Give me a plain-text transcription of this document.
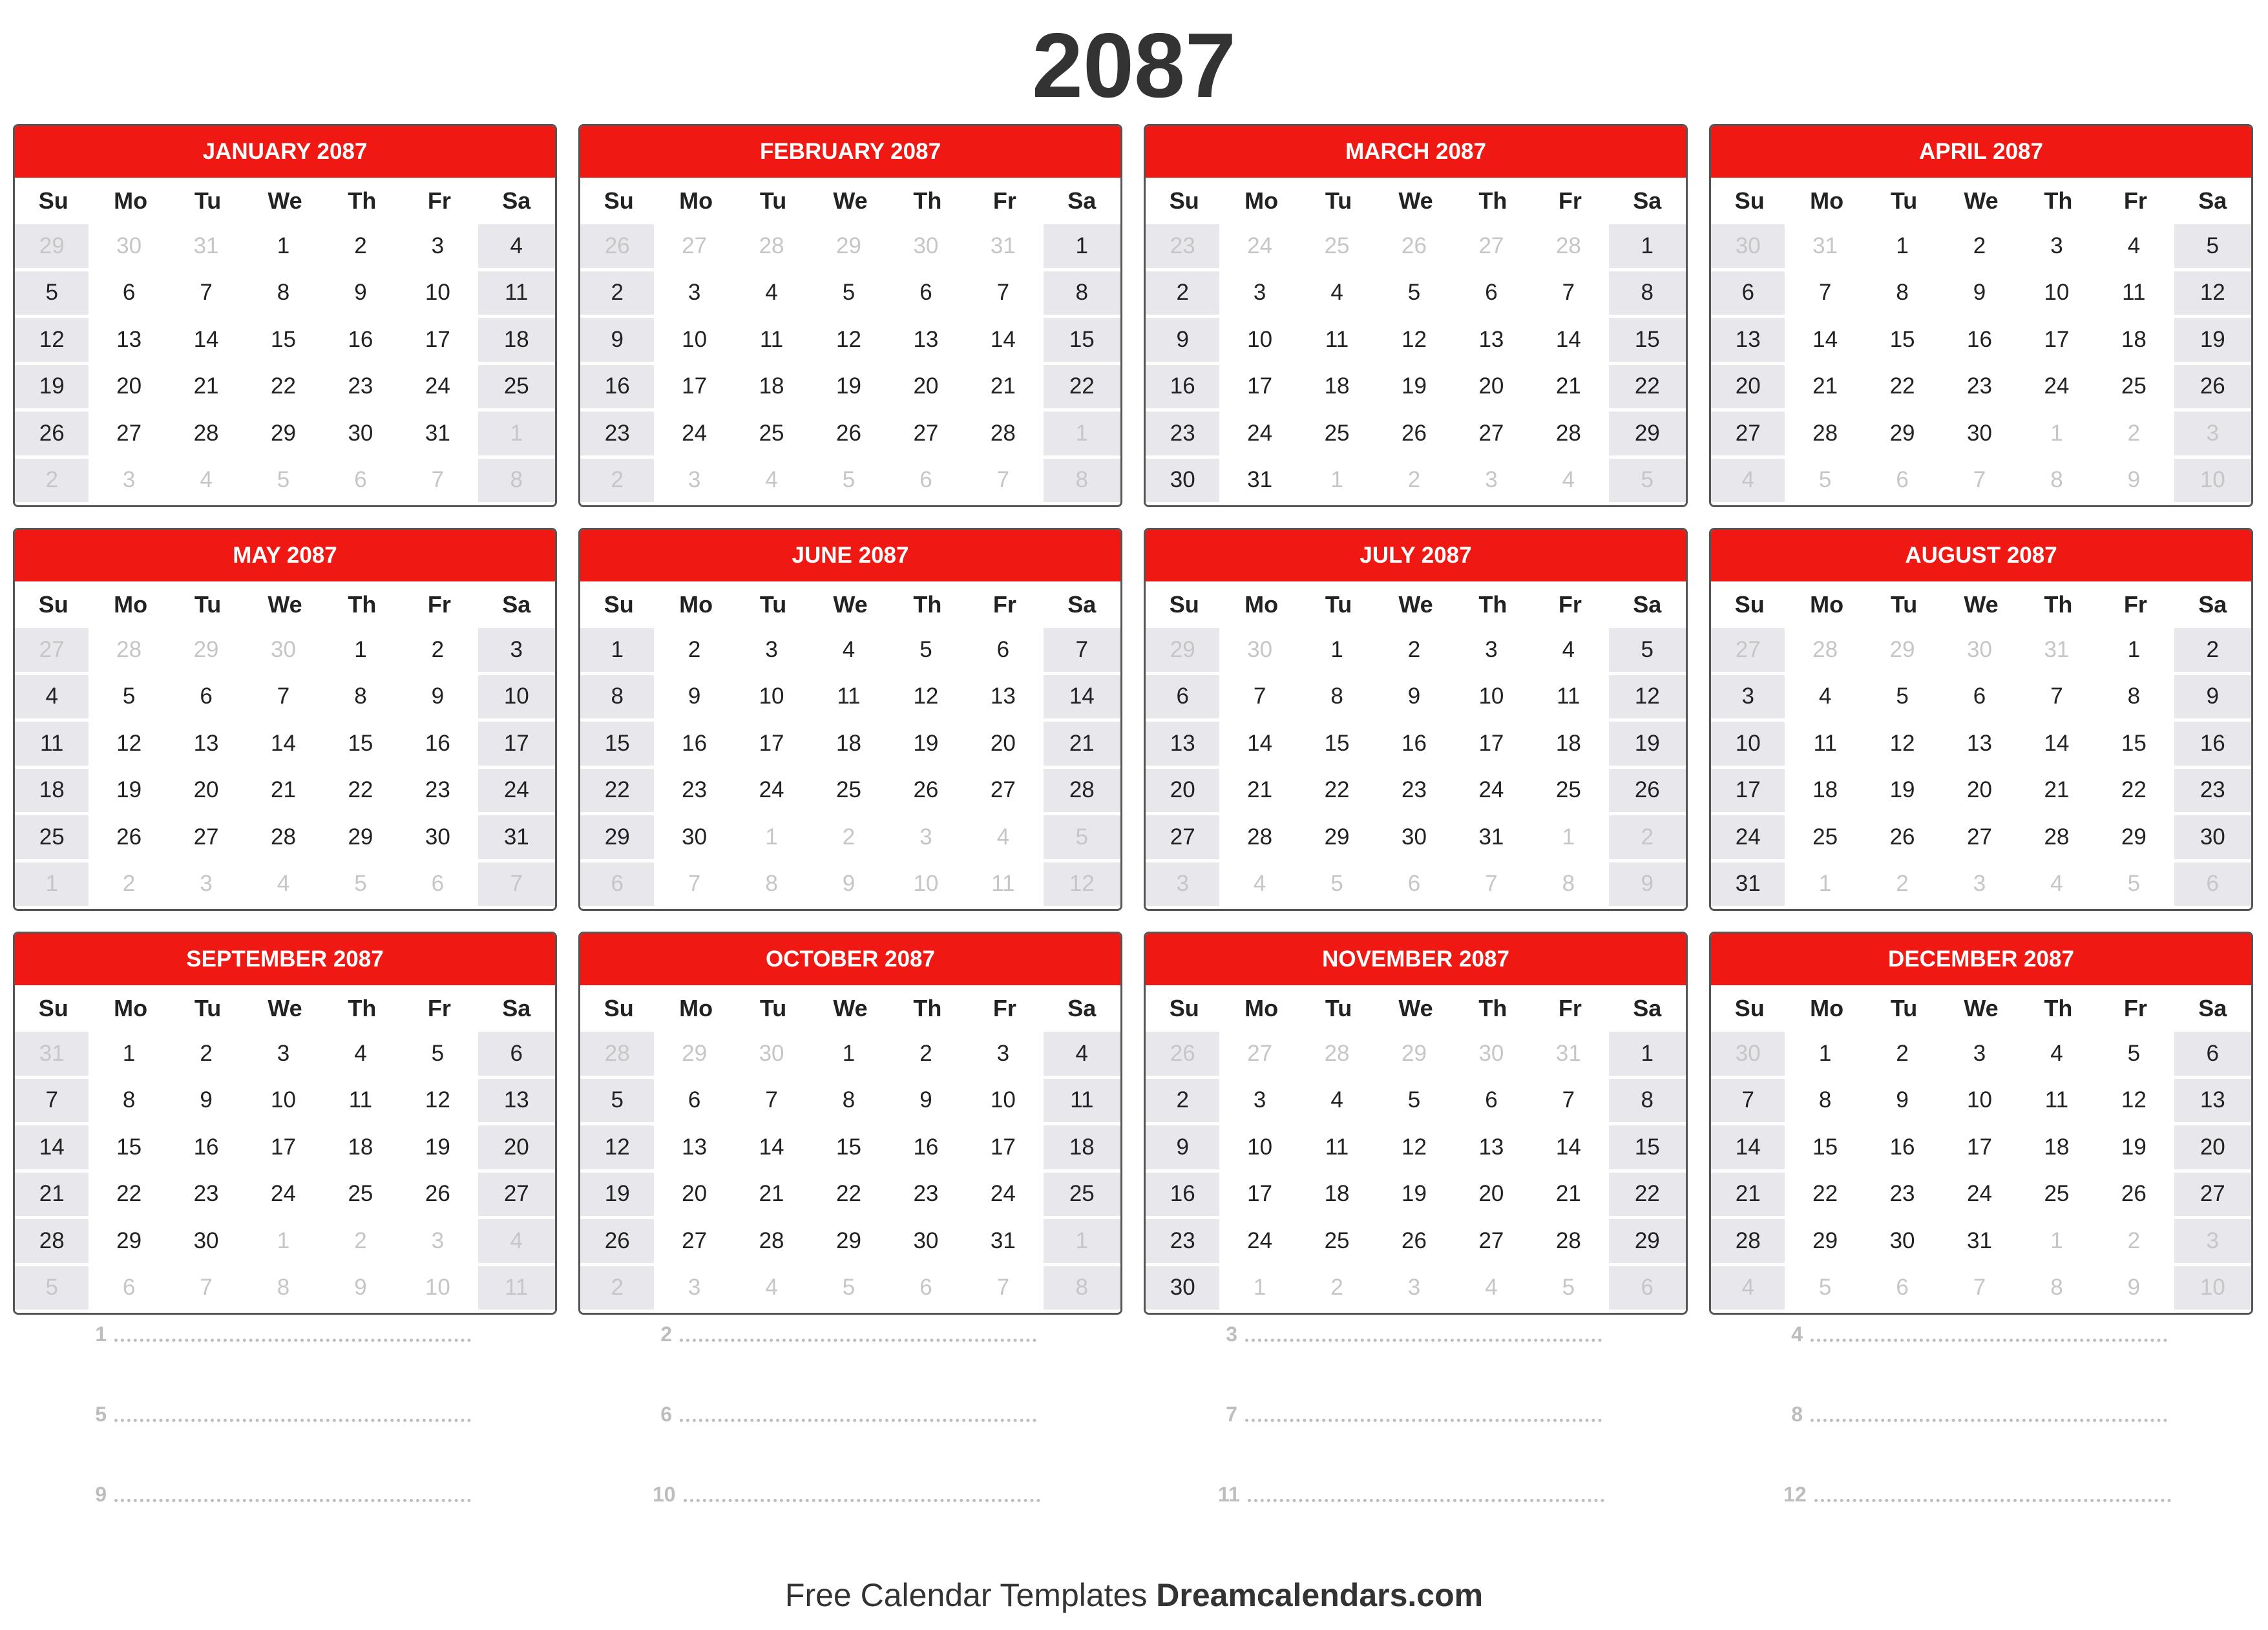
2087
JANUARY 2087
Su	Mo	Tu	We	Th	Fr	Sa
29	30	31	1	2	3	4
5	6	7	8	9	10	11
12	13	14	15	16	17	18
19	20	21	22	23	24	25
26	27	28	29	30	31	1
2	3	4	5	6	7	8
FEBRUARY 2087
Su	Mo	Tu	We	Th	Fr	Sa
26	27	28	29	30	31	1
2	3	4	5	6	7	8
9	10	11	12	13	14	15
16	17	18	19	20	21	22
23	24	25	26	27	28	1
2	3	4	5	6	7	8
MARCH 2087
Su	Mo	Tu	We	Th	Fr	Sa
23	24	25	26	27	28	1
2	3	4	5	6	7	8
9	10	11	12	13	14	15
16	17	18	19	20	21	22
23	24	25	26	27	28	29
30	31	1	2	3	4	5
APRIL 2087
Su	Mo	Tu	We	Th	Fr	Sa
30	31	1	2	3	4	5
6	7	8	9	10	11	12
13	14	15	16	17	18	19
20	21	22	23	24	25	26
27	28	29	30	1	2	3
4	5	6	7	8	9	10
MAY 2087
Su	Mo	Tu	We	Th	Fr	Sa
27	28	29	30	1	2	3
4	5	6	7	8	9	10
11	12	13	14	15	16	17
18	19	20	21	22	23	24
25	26	27	28	29	30	31
1	2	3	4	5	6	7
JUNE 2087
Su	Mo	Tu	We	Th	Fr	Sa
1	2	3	4	5	6	7
8	9	10	11	12	13	14
15	16	17	18	19	20	21
22	23	24	25	26	27	28
29	30	1	2	3	4	5
6	7	8	9	10	11	12
JULY 2087
Su	Mo	Tu	We	Th	Fr	Sa
29	30	1	2	3	4	5
6	7	8	9	10	11	12
13	14	15	16	17	18	19
20	21	22	23	24	25	26
27	28	29	30	31	1	2
3	4	5	6	7	8	9
AUGUST 2087
Su	Mo	Tu	We	Th	Fr	Sa
27	28	29	30	31	1	2
3	4	5	6	7	8	9
10	11	12	13	14	15	16
17	18	19	20	21	22	23
24	25	26	27	28	29	30
31	1	2	3	4	5	6
SEPTEMBER 2087
Su	Mo	Tu	We	Th	Fr	Sa
31	1	2	3	4	5	6
7	8	9	10	11	12	13
14	15	16	17	18	19	20
21	22	23	24	25	26	27
28	29	30	1	2	3	4
5	6	7	8	9	10	11
OCTOBER 2087
Su	Mo	Tu	We	Th	Fr	Sa
28	29	30	1	2	3	4
5	6	7	8	9	10	11
12	13	14	15	16	17	18
19	20	21	22	23	24	25
26	27	28	29	30	31	1
2	3	4	5	6	7	8
NOVEMBER 2087
Su	Mo	Tu	We	Th	Fr	Sa
26	27	28	29	30	31	1
2	3	4	5	6	7	8
9	10	11	12	13	14	15
16	17	18	19	20	21	22
23	24	25	26	27	28	29
30	1	2	3	4	5	6
DECEMBER 2087
Su	Mo	Tu	We	Th	Fr	Sa
30	1	2	3	4	5	6
7	8	9	10	11	12	13
14	15	16	17	18	19	20
21	22	23	24	25	26	27
28	29	30	31	1	2	3
4	5	6	7	8	9	10
1	2	3	4
5	6	7	8
9	10	11	12
Free Calendar Templates Dreamcalendars.com
